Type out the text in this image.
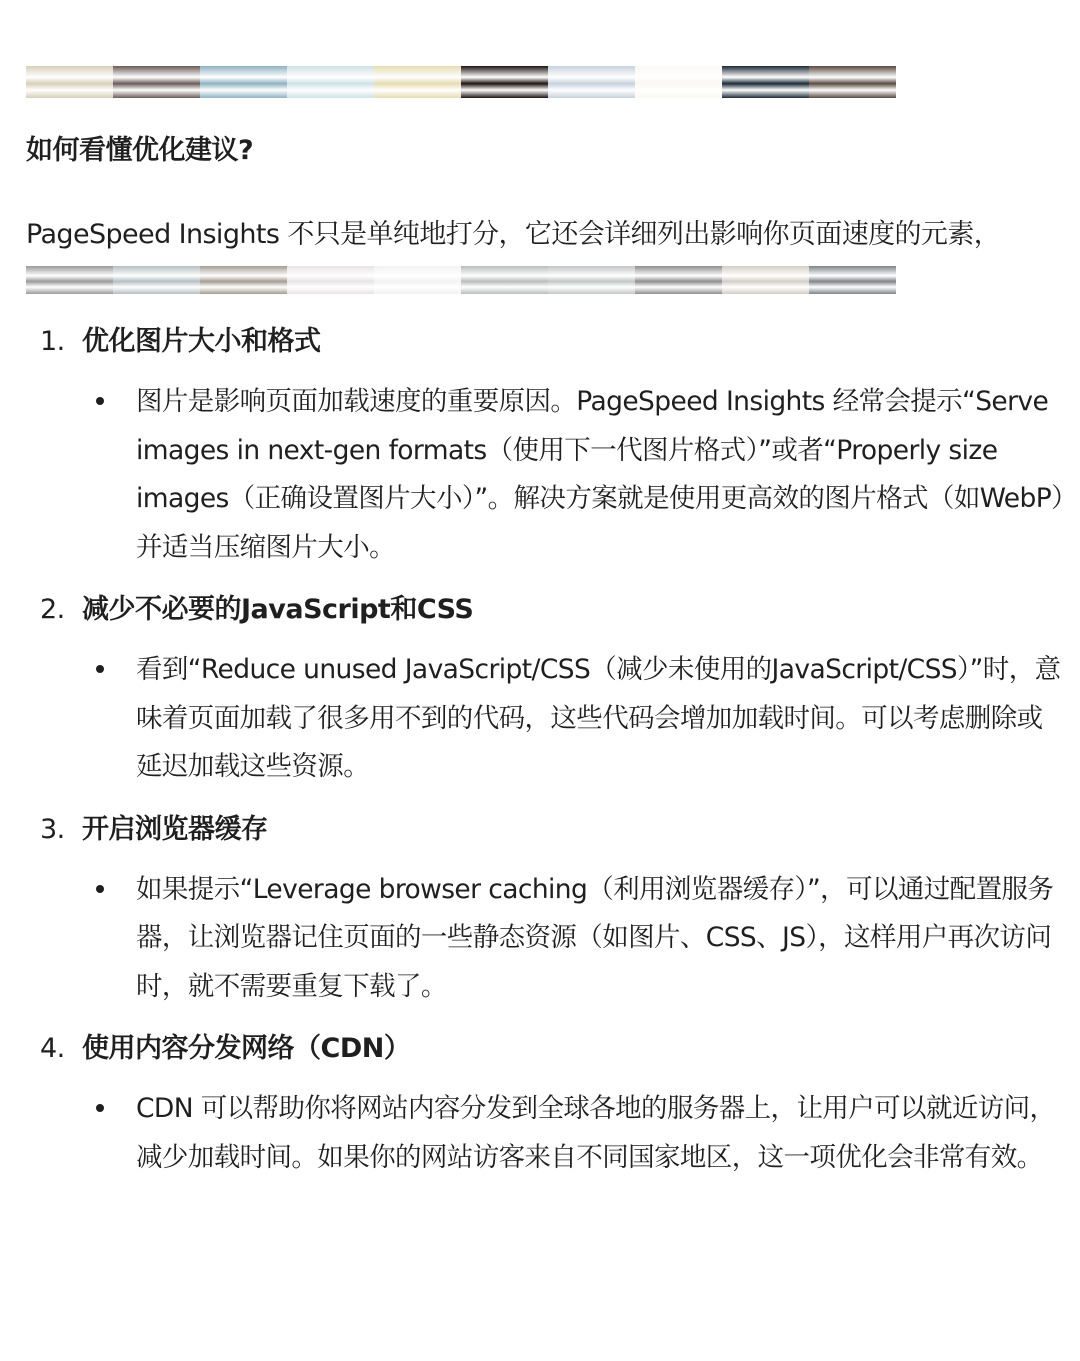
如何看懂优化建议?

PageSpeed Insights 不只是单纯地打分，它还会详细列出影响你页面速度的元素，

1. 优化图片大小和格式
图片是影响页面加载速度的重要原因。PageSpeed Insights 经常会提示“Serve images in next-gen formats（使用下一代图片格式）”或者“Properly size images（正确设置图片大小）”。解决方案就是使用更高效的图片格式（如WebP）并适当压缩图片大小。
2. 减少不必要的JavaScript和CSS
看到“Reduce unused JavaScript/CSS（减少未使用的JavaScript/CSS）”时，意味着页面加载了很多用不到的代码，这些代码会增加加载时间。可以考虑删除或延迟加载这些资源。
3. 开启浏览器缓存
如果提示“Leverage browser caching（利用浏览器缓存）”，可以通过配置服务器，让浏览器记住页面的一些静态资源（如图片、CSS、JS），这样用户再次访问时，就不需要重复下载了。
4. 使用内容分发网络（CDN）
CDN 可以帮助你将网站内容分发到全球各地的服务器上，让用户可以就近访问，减少加载时间。如果你的网站访客来自不同国家地区，这一项优化会非常有效。
